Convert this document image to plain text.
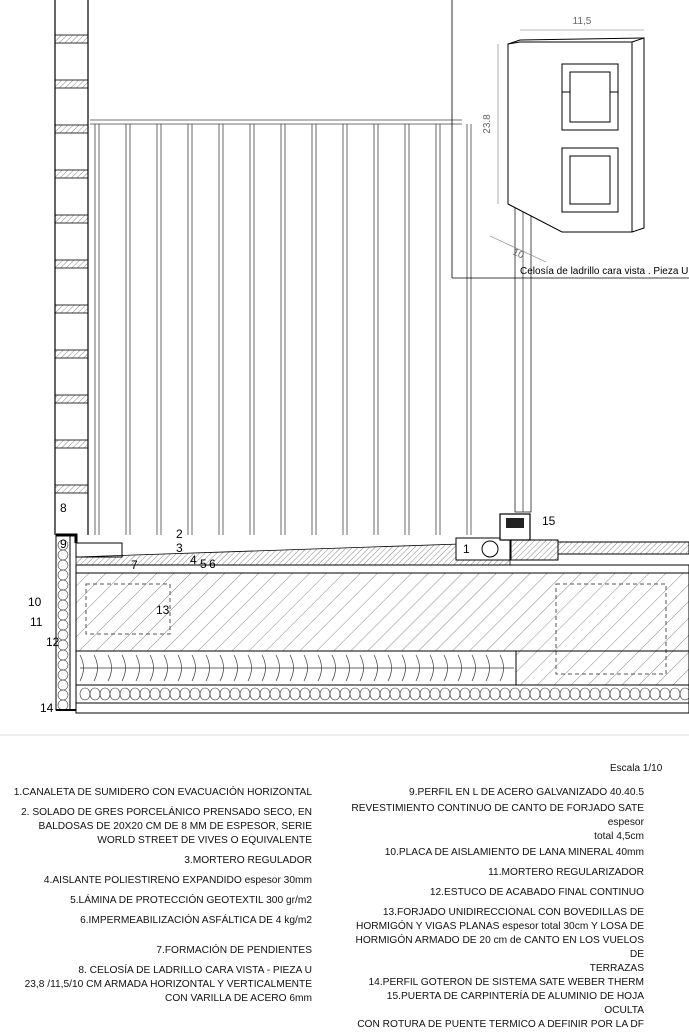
11,5
23.8
10
Celosía de ladrillo cara vista . Pieza U
8
9
2
3
4 5 6
7
1
15
10
11
12
13
14
Escala 1/10

1.CANALETA DE SUMIDERO CON EVACUACIÓN HORIZONTAL

2. SOLADO DE GRES PORCELÁNICO PRENSADO SECO, EN
BALDOSAS DE 20X20 CM DE 8 MM DE ESPESOR, SERIE
WORLD STREET DE VIVES O EQUIVALENTE

3.MORTERO REGULADOR

4.AISLANTE POLIESTIRENO EXPANDIDO espesor 30mm

5.LÁMINA DE PROTECCIÓN GEOTEXTIL 300 gr/m2

6.IMPERMEABILIZACIÓN ASFÁLTICA DE 4 kg/m2

7.FORMACIÓN DE PENDIENTES

8. CELOSÍA DE LADRILLO CARA VISTA - PIEZA U
23,8 /11,5/10 CM ARMADA HORIZONTAL Y VERTICALMENTE
CON VARILLA DE ACERO 6mm

9.PERFIL EN L DE ACERO GALVANIZADO 40.40.5

REVESTIMIENTO CONTINUO DE CANTO DE FORJADO SATE espesor
total 4,5cm

10.PLACA DE AISLAMIENTO DE LANA MINERAL 40mm

11.MORTERO REGULARIZADOR

12.ESTUCO DE ACABADO FINAL CONTINUO

13.FORJADO UNIDIRECCIONAL CON BOVEDILLAS DE
HORMIGÓN Y VIGAS PLANAS espesor total 30cm Y LOSA DE
HORMIGÓN ARMADO DE 20 cm de CANTO EN LOS VUELOS DE
TERRAZAS

14.PERFIL GOTERON DE SISTEMA SATE WEBER THERM

15.PUERTA DE CARPINTERÍA DE ALUMINIO DE HOJA OCULTA
CON ROTURA DE PUENTE TERMICO A DEFINIR POR LA DF
